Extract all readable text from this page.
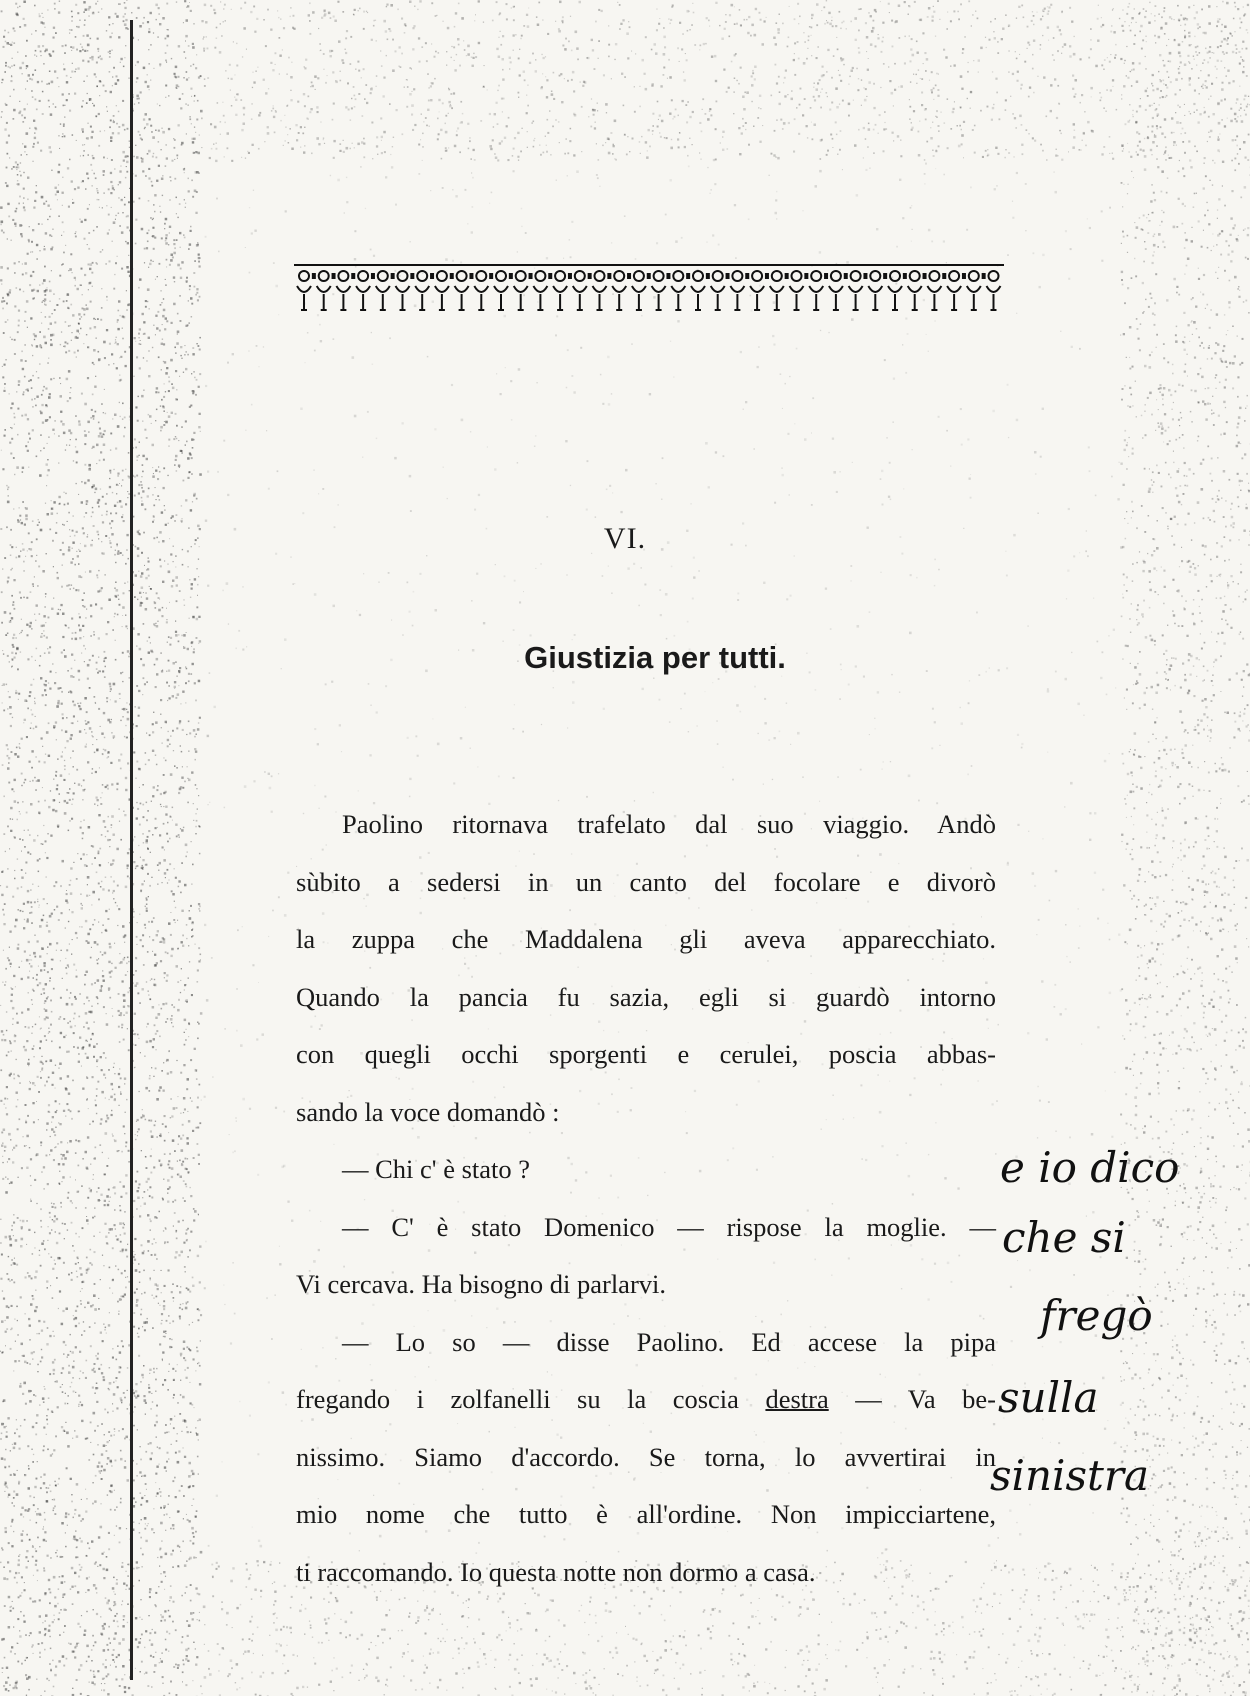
VI.
Giustizia per tutti.

Paolino ritornava trafelato dal suo viaggio. Andò

sùbito a sedersi in un canto del focolare e divorò

la zuppa che Maddalena gli aveva apparecchiato.

Quando la pancia fu sazia, egli si guardò intorno

con quegli occhi sporgenti e cerulei, poscia abbas-

sando la voce domandò :

— Chi c' è stato ?

— C' è stato Domenico — rispose la moglie. —

Vi cercava. Ha bisogno di parlarvi.

— Lo so — disse Paolino. Ed accese la pipa

fregando i zolfanelli su la coscia destra — Va be-

nissimo. Siamo d'accordo. Se torna, lo avvertirai in

mio nome che tutto è all'ordine. Non impicciartene,

ti raccomando. Io questa notte non dormo a casa.

e io dico
che si
fregò
sulla
sinistra
